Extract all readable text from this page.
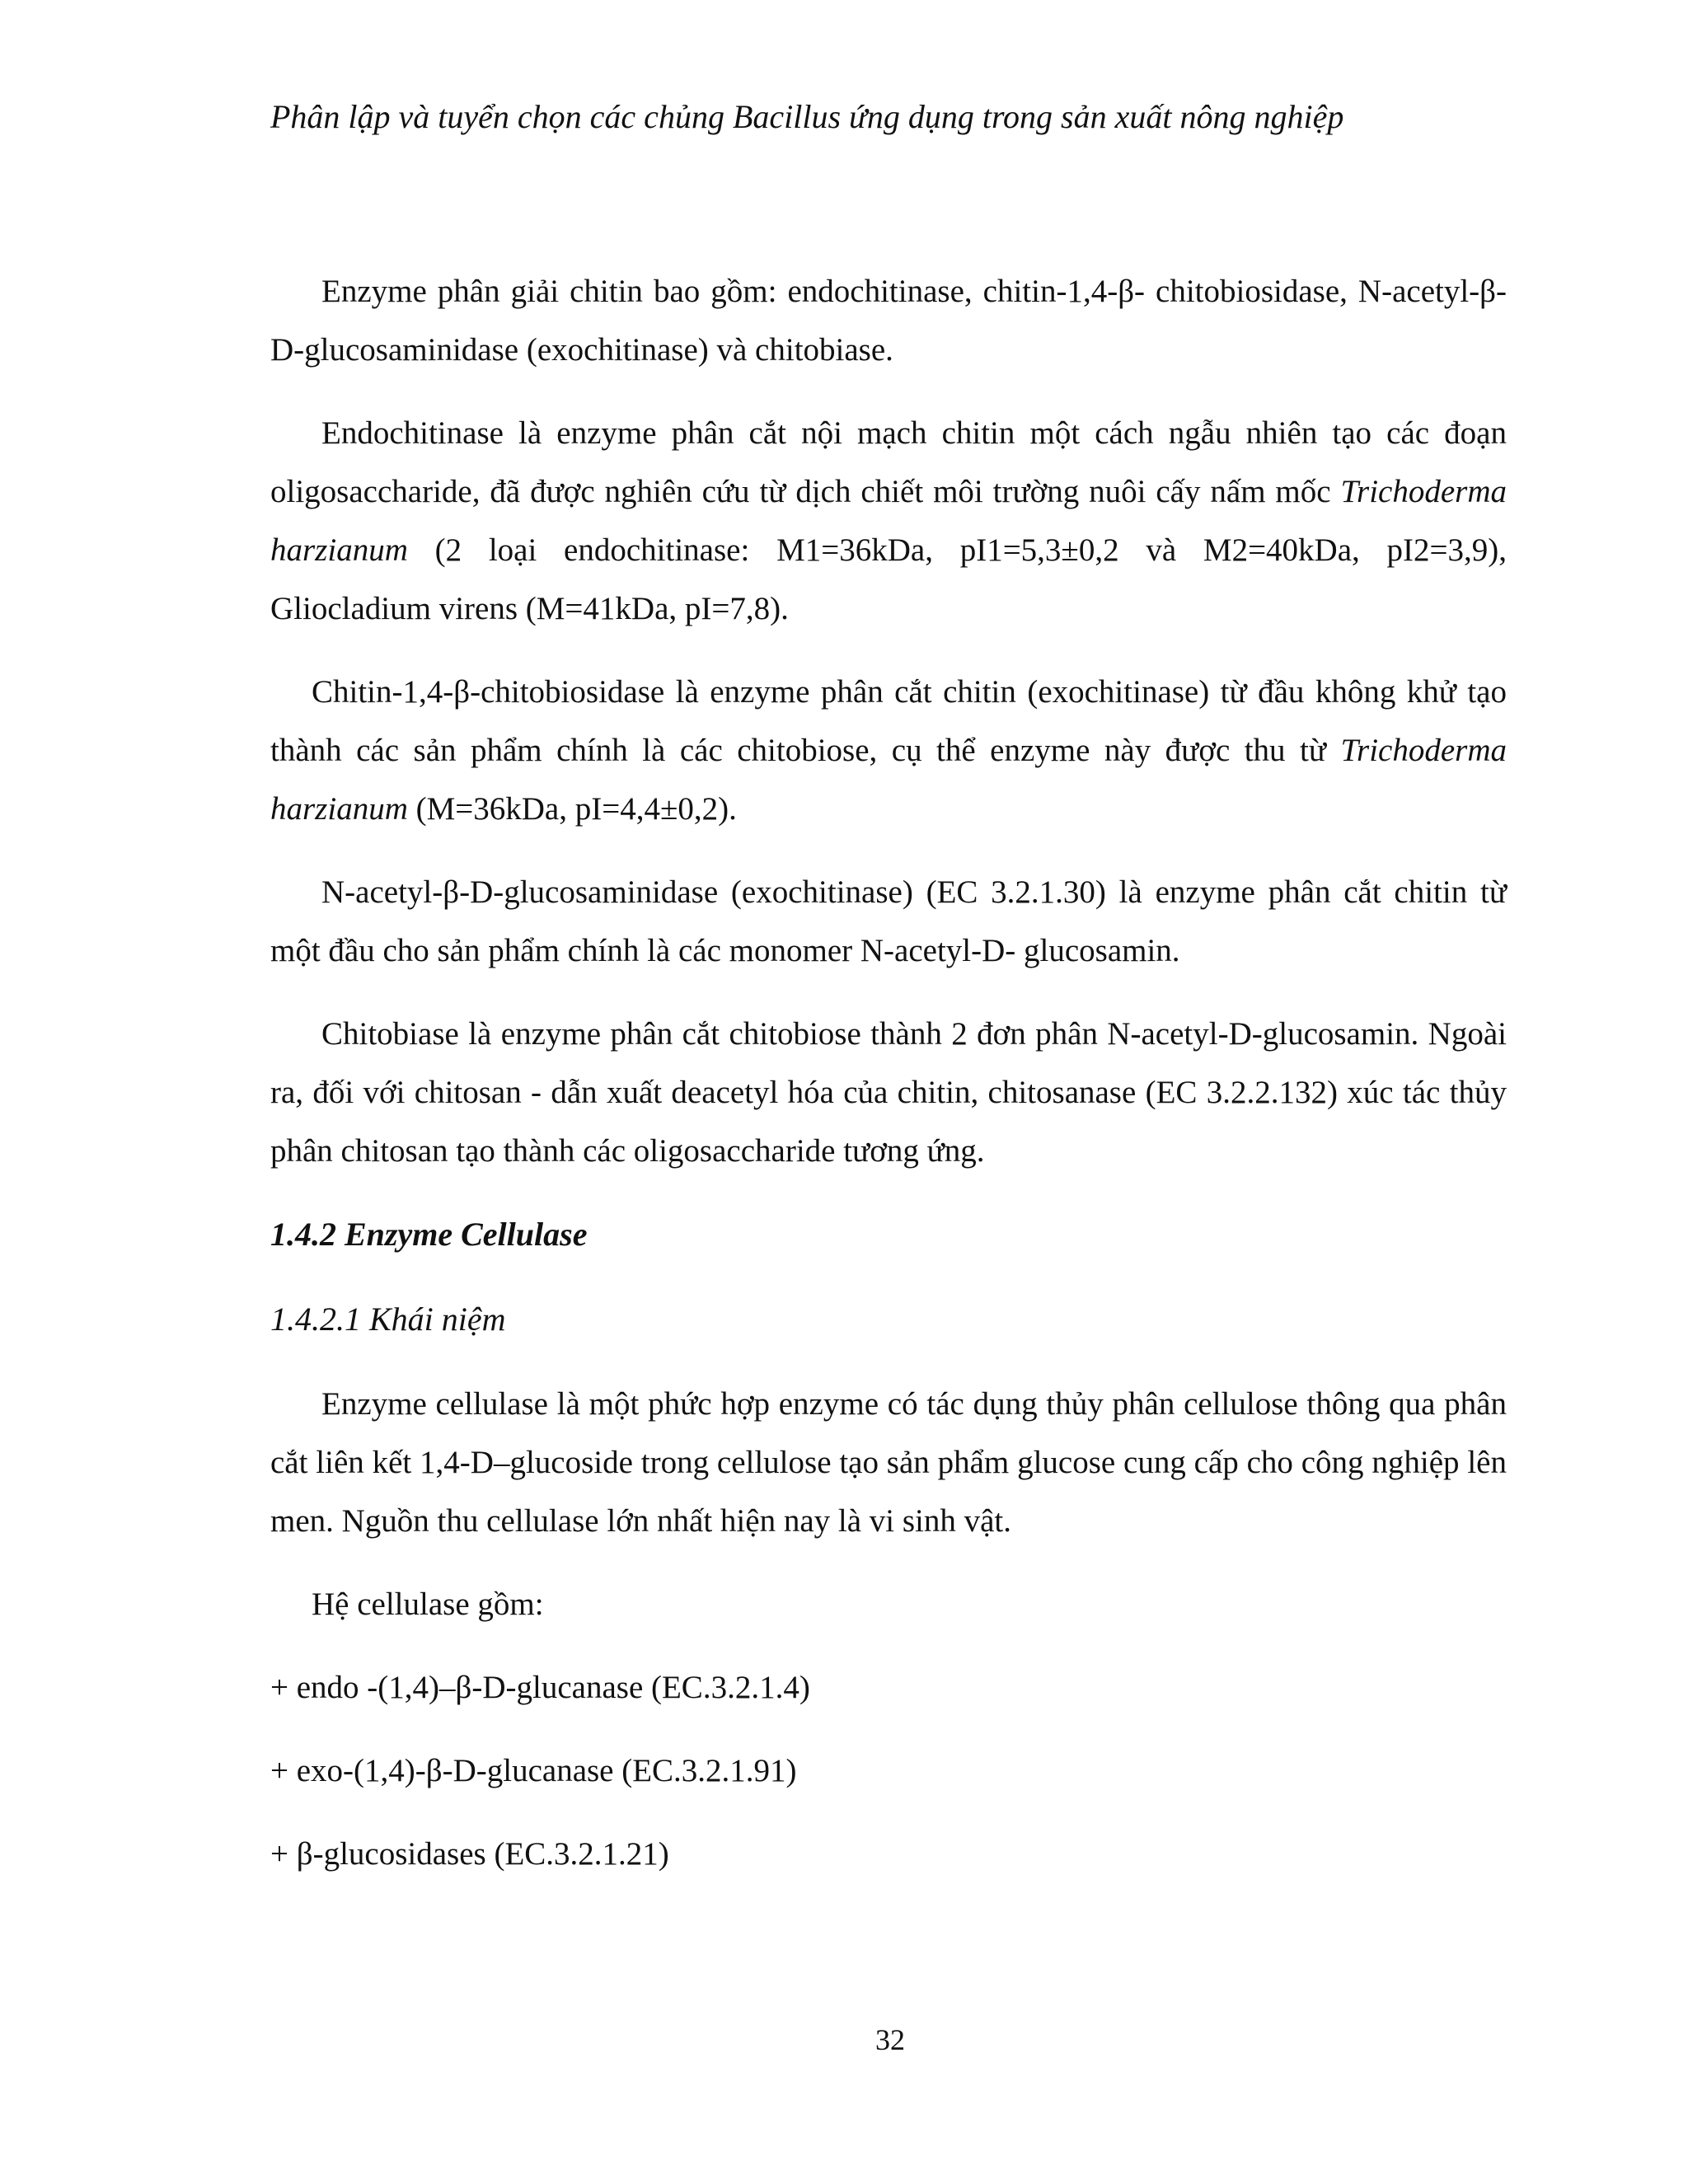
Phân lập và tuyển chọn các chủng Bacillus ứng dụng trong sản xuất nông nghiệp

Enzyme phân giải chitin bao gồm: endochitinase, chitin-1,4-β- chitobiosidase, N-acetyl-β-D-glucosaminidase (exochitinase) và chitobiase.

Endochitinase là enzyme phân cắt nội mạch chitin một cách ngẫu nhiên tạo các đoạn oligosaccharide, đã được nghiên cứu từ dịch chiết môi trường nuôi cấy nấm mốc Trichoderma harzianum (2 loại endochitinase: M1=36kDa, pI1=5,3±0,2 và M2=40kDa, pI2=3,9), Gliocladium virens (M=41kDa, pI=7,8).

Chitin-1,4-β-chitobiosidase là enzyme phân cắt chitin (exochitinase) từ đầu không khử tạo thành các sản phẩm chính là các chitobiose, cụ thể enzyme này được thu từ Trichoderma harzianum (M=36kDa, pI=4,4±0,2).

N-acetyl-β-D-glucosaminidase (exochitinase) (EC 3.2.1.30) là enzyme phân cắt chitin từ một đầu cho sản phẩm chính là các monomer N-acetyl-D- glucosamin.

Chitobiase là enzyme phân cắt chitobiose thành 2 đơn phân N-acetyl-D-glucosamin. Ngoài ra, đối với chitosan - dẫn xuất deacetyl hóa của chitin, chitosanase (EC 3.2.2.132) xúc tác thủy phân chitosan tạo thành các oligosaccharide tương ứng.

1.4.2 Enzyme Cellulase
1.4.2.1 Khái niệm

Enzyme cellulase là một phức hợp enzyme có tác dụng thủy phân cellulose thông qua phân cắt liên kết 1,4-D–glucoside trong cellulose tạo sản phẩm glucose cung cấp cho công nghiệp lên men. Nguồn thu cellulase lớn nhất hiện nay là vi sinh vật.

Hệ cellulase gồm:

+ endo -(1,4)–β-D-glucanase (EC.3.2.1.4)
+ exo-(1,4)-β-D-glucanase (EC.3.2.1.91)
+ β-glucosidases (EC.3.2.1.21)
32
